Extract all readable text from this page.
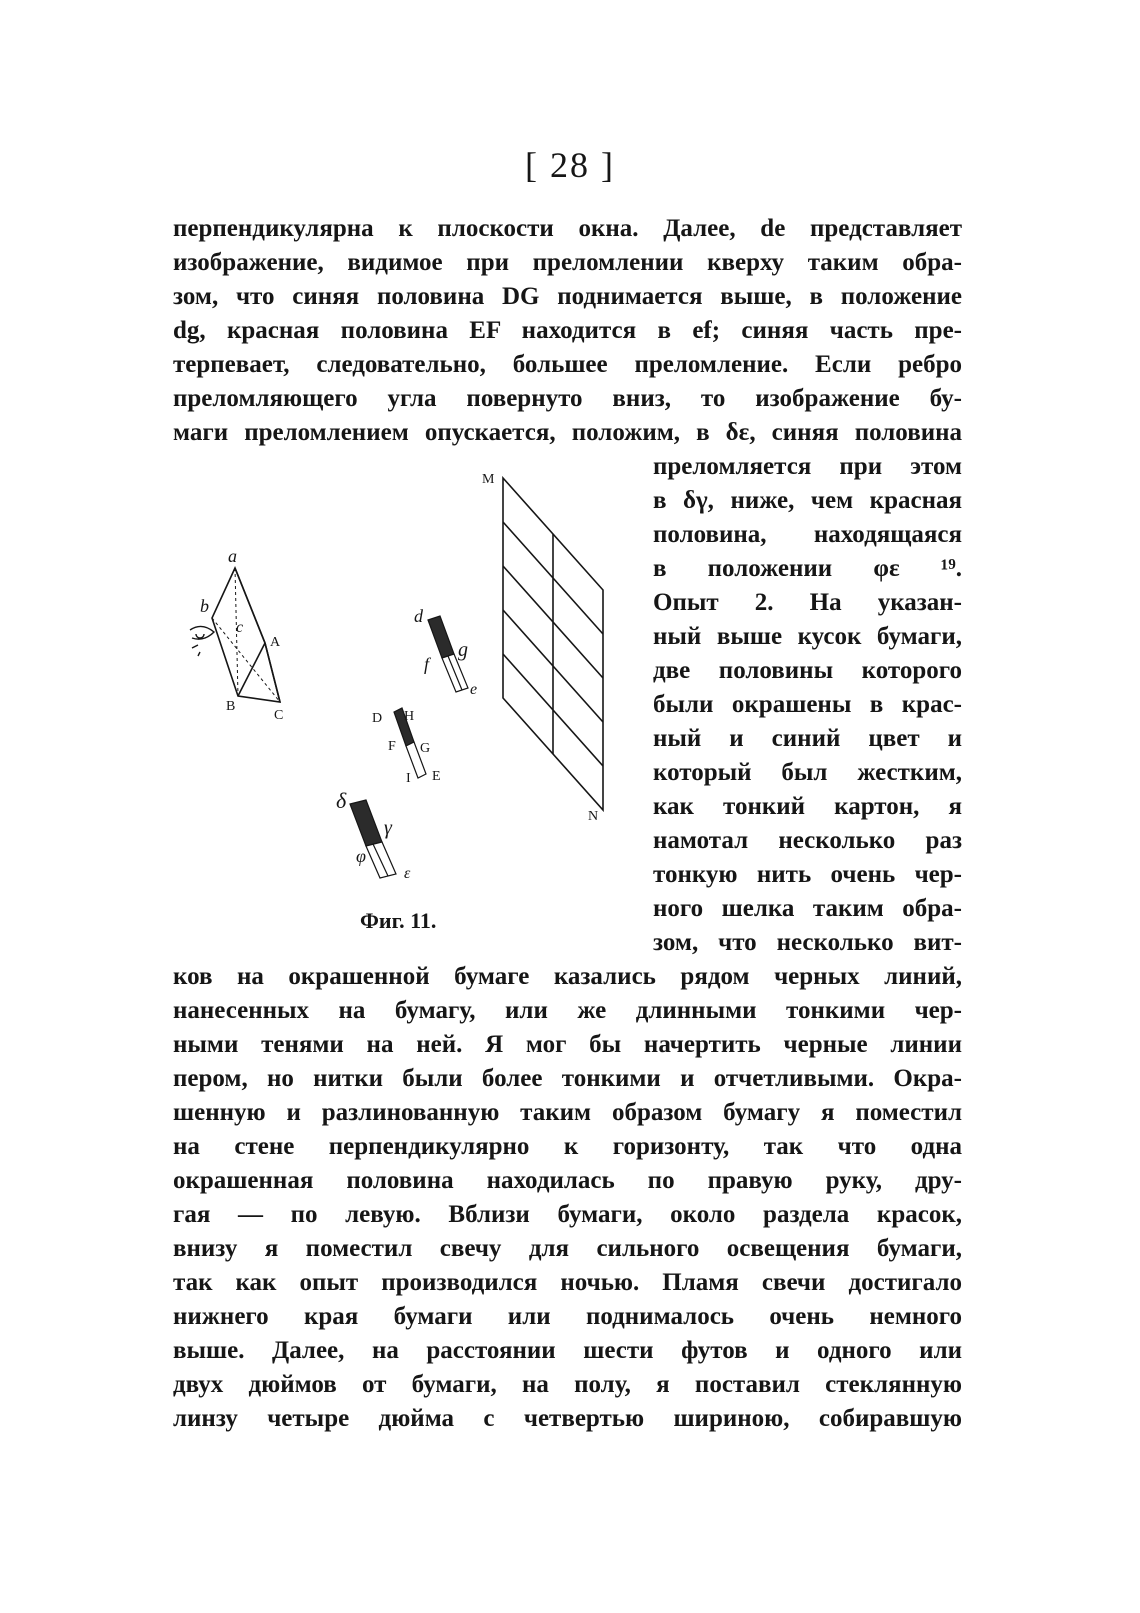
[ 28 ]
перпендикулярна к плоскости окна. Далее, de представляет
изображение, видимое при преломлении кверху таким обра-
зом, что синяя половина DG поднимается выше, в положение
dg, красная половина EF находится в ef; синяя часть пре-
терпевает, следовательно, большее преломление. Если ребро
преломляющего угла повернуто вниз, то изображение бу-
маги преломлением опускается, положим, в δε, синяя половина
преломляется при этом
в δγ, ниже, чем красная
половина, находящаяся
в положении φε ¹⁹.
Опыт 2. На указан-
ный выше кусок бумаги,
две половины которого
были окрашены в крас-
ный и синий цвет и
который был жестким,
как тонкий картон, я
намотал несколько раз
тонкую нить очень чер-
ного шелка таким обра-
зом, что несколько вит-
ков на окрашенной бумаге казались рядом черных линий,
нанесенных на бумагу, или же длинными тонкими чер-
ными тенями на ней. Я мог бы начертить черные линии
пером, но нитки были более тонкими и отчетливыми. Окра-
шенную и разлинованную таким образом бумагу я поместил
на стене перпендикулярно к горизонту, так что одна
окрашенная половина находилась по правую руку, дру-
гая — по левую. Вблизи бумаги, около раздела красок,
внизу я поместил свечу для сильного освещения бумаги,
так как опыт производился ночью. Пламя свечи достигало
нижнего края бумаги или поднималось очень немного
выше. Далее, на расстоянии шести футов и одного или
двух дюймов от бумаги, на полу, я поставил стеклянную
линзу четыре дюйма с четвертью шириною, собиравшую
a
b
c
A
B
C
M
N
d
g
f
e
D H
F G
I E
δ
γ
φ
ε
Фиг. 11.
